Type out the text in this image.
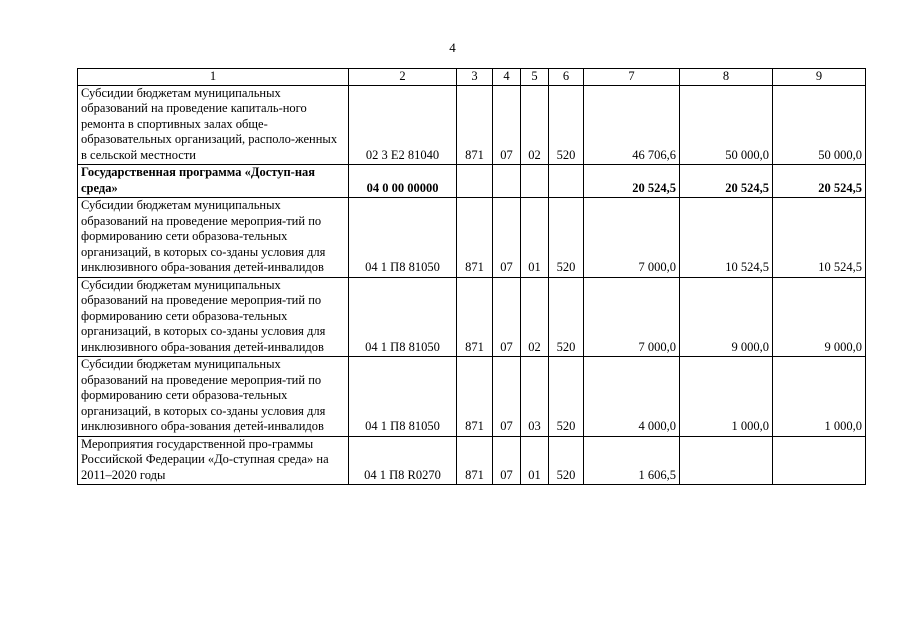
4
1	2	3	4	5	6	7	8	9
Субсидии бюджетам муниципальных образований на проведение капиталь-ного ремонта в спортивных залах обще-образовательных организаций, располо-женных в сельской местности	02 3 Е2 81040	871	07	02	520	46 706,6	50 000,0	50 000,0
Государственная программа «Доступ-ная среда»	04 0 00 00000					20 524,5	20 524,5	20 524,5
Субсидии бюджетам муниципальных образований на проведение мероприя-тий по формированию сети образова-тельных организаций, в которых со-зданы условия для инклюзивного обра-зования детей-инвалидов	04 1 П8 81050	871	07	01	520	7 000,0	10 524,5	10 524,5
Субсидии бюджетам муниципальных образований на проведение мероприя-тий по формированию сети образова-тельных организаций, в которых со-зданы условия для инклюзивного обра-зования детей-инвалидов	04 1 П8 81050	871	07	02	520	7 000,0	9 000,0	9 000,0
Субсидии бюджетам муниципальных образований на проведение мероприя-тий по формированию сети образова-тельных организаций, в которых со-зданы условия для инклюзивного обра-зования детей-инвалидов	04 1 П8 81050	871	07	03	520	4 000,0	1 000,0	1 000,0
Мероприятия государственной про-граммы Российской Федерации «До-ступная среда» на 2011–2020 годы	04 1 П8 R0270	871	07	01	520	1 606,5		
